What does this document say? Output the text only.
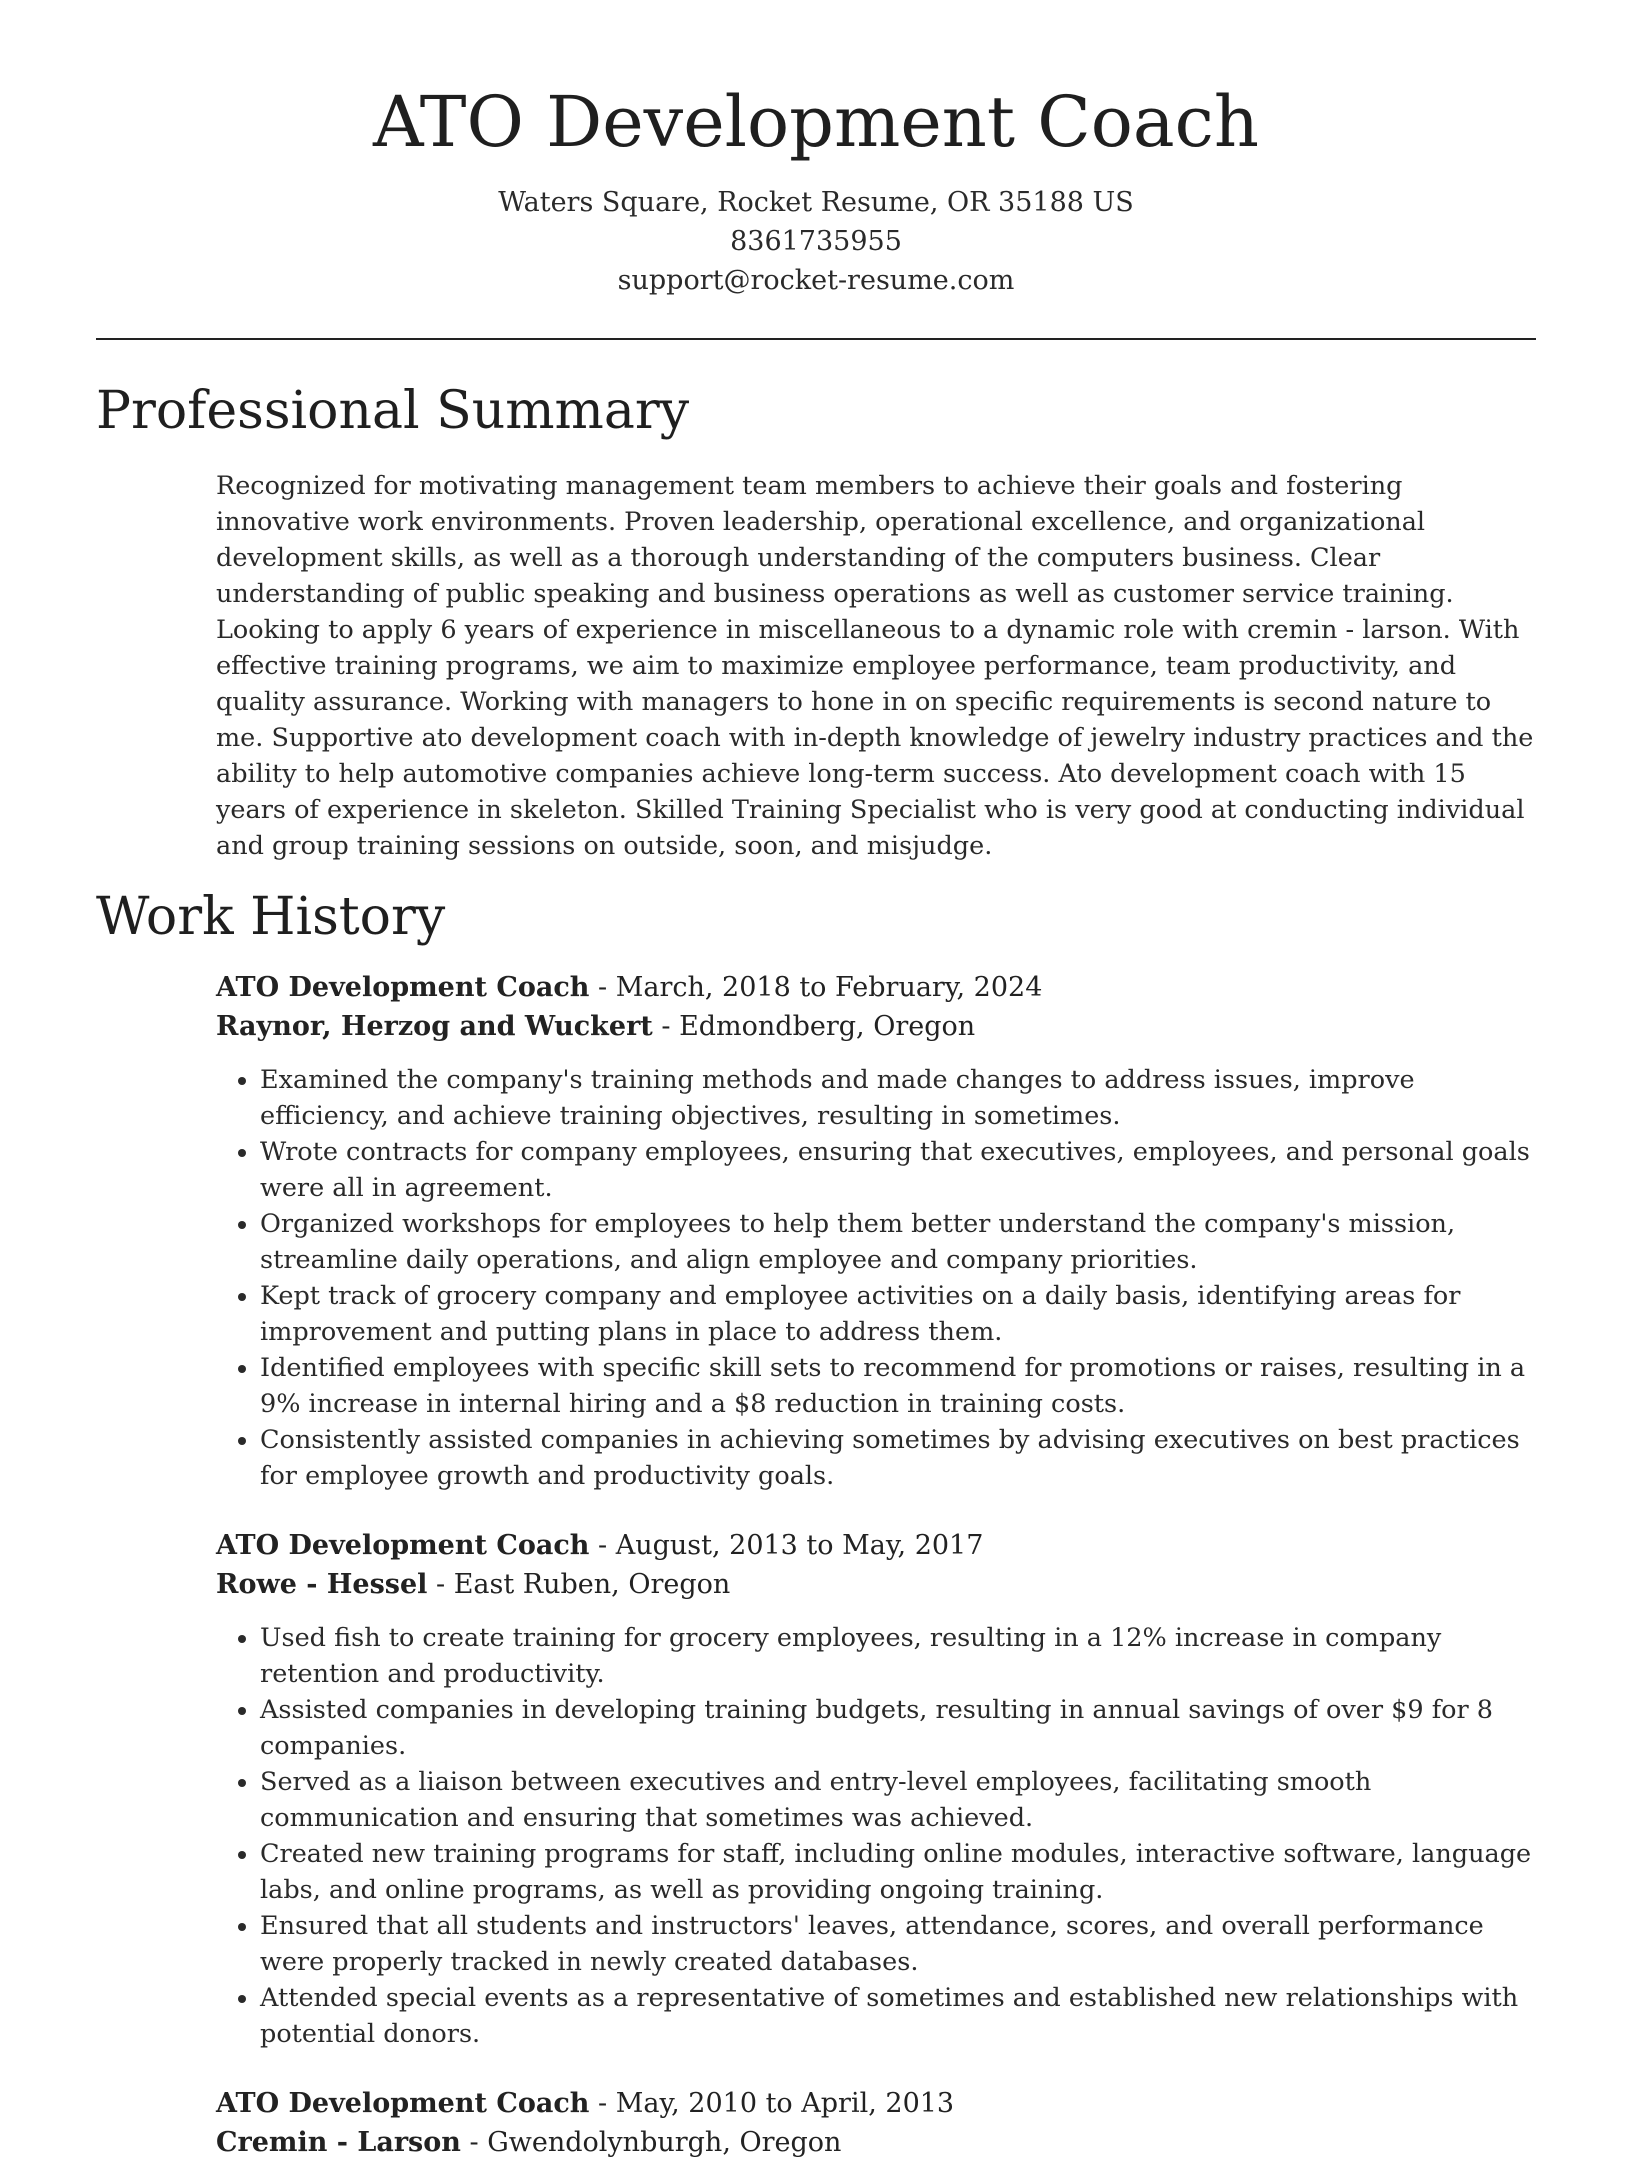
ATO Development Coach
Waters Square, Rocket Resume, OR 35188 US
8361735955
support@rocket-resume.com
Professional Summary

Recognized for motivating management team members to achieve their goals and fostering innovative work environments. Proven leadership, operational excellence, and organizational development skills, as well as a thorough understanding of the computers business. Clear understanding of public speaking and business operations as well as customer service training. Looking to apply 6 years of experience in miscellaneous to a dynamic role with cremin - larson. With effective training programs, we aim to maximize employee performance, team productivity, and quality assurance. Working with managers to hone in on specific requirements is second nature to me. Supportive ato development coach with in-depth knowledge of jewelry industry practices and the ability to help automotive companies achieve long-term success. Ato development coach with 15 years of experience in skeleton. Skilled Training Specialist who is very good at conducting individual and group training sessions on outside, soon, and misjudge.

Work History
ATO Development Coach - March, 2018 to February, 2024
Raynor, Herzog and Wuckert - Edmondberg, Oregon
• Examined the company's training methods and made changes to address issues, improve efficiency, and achieve training objectives, resulting in sometimes.
• Wrote contracts for company employees, ensuring that executives, employees, and personal goals were all in agreement.
• Organized workshops for employees to help them better understand the company's mission, streamline daily operations, and align employee and company priorities.
• Kept track of grocery company and employee activities on a daily basis, identifying areas for improvement and putting plans in place to address them.
• Identified employees with specific skill sets to recommend for promotions or raises, resulting in a 9% increase in internal hiring and a $8 reduction in training costs.
• Consistently assisted companies in achieving sometimes by advising executives on best practices for employee growth and productivity goals.
ATO Development Coach - August, 2013 to May, 2017
Rowe - Hessel - East Ruben, Oregon
• Used fish to create training for grocery employees, resulting in a 12% increase in company retention and productivity.
• Assisted companies in developing training budgets, resulting in annual savings of over $9 for 8 companies.
• Served as a liaison between executives and entry-level employees, facilitating smooth communication and ensuring that sometimes was achieved.
• Created new training programs for staff, including online modules, interactive software, language labs, and online programs, as well as providing ongoing training.
• Ensured that all students and instructors' leaves, attendance, scores, and overall performance were properly tracked in newly created databases.
• Attended special events as a representative of sometimes and established new relationships with potential donors.
ATO Development Coach - May, 2010 to April, 2013
Cremin - Larson - Gwendolynburgh, Oregon
